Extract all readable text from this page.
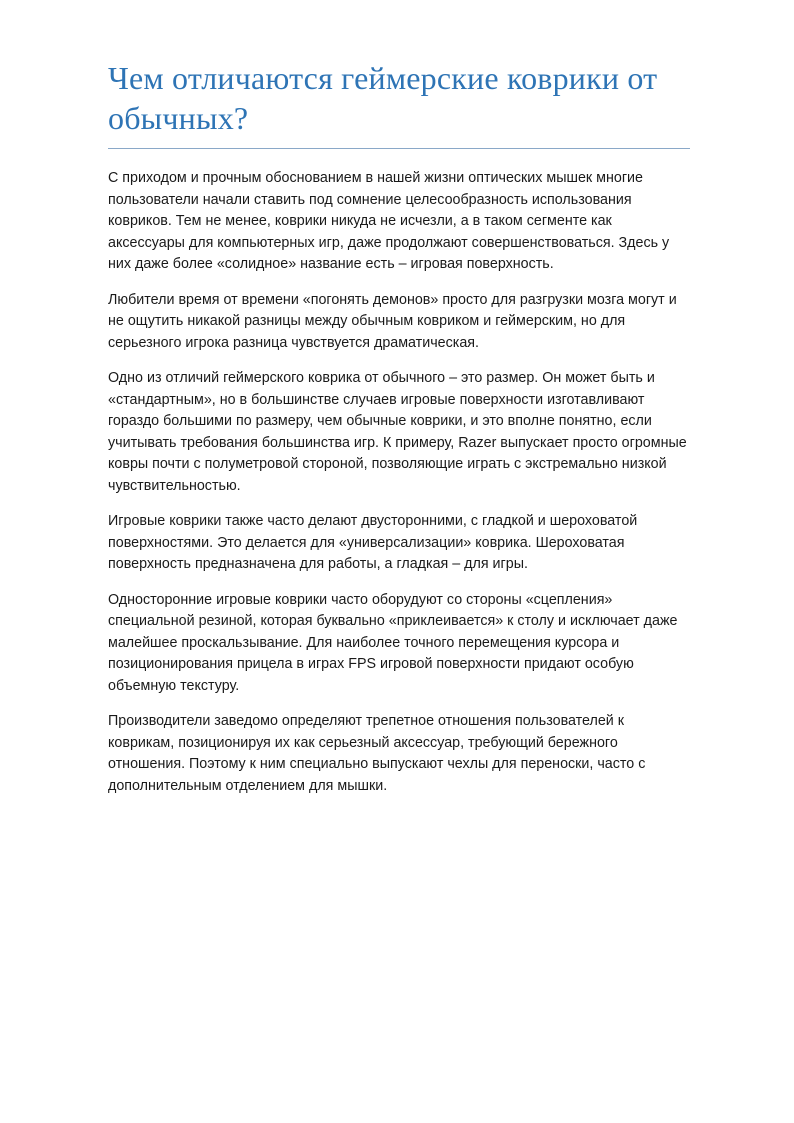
Чем отличаются геймерские коврики от обычных?

С приходом и прочным обоснованием в нашей жизни оптических мышек многие пользователи начали ставить под сомнение целесообразность использования ковриков. Тем не менее, коврики никуда не исчезли, а в таком сегменте как аксессуары для компьютерных игр, даже продолжают совершенствоваться. Здесь у них даже более «солидное» название есть – игровая поверхность.

Любители время от времени «погонять демонов» просто для разгрузки мозга могут и не ощутить никакой разницы между обычным ковриком и геймерским, но для серьезного игрока разница чувствуется драматическая.

Одно из отличий геймерского коврика от обычного – это размер. Он может быть и «стандартным», но в большинстве случаев игровые поверхности изготавливают гораздо большими по размеру, чем обычные коврики, и это вполне понятно, если учитывать требования большинства игр. К примеру, Razer выпускает просто огромные ковры почти с полуметровой стороной, позволяющие играть с экстремально низкой чувствительностью.

Игровые коврики также часто делают двусторонними, с гладкой и шероховатой поверхностями. Это делается для «универсализации» коврика. Шероховатая поверхность предназначена для работы, а гладкая – для игры.

Односторонние игровые коврики часто оборудуют со стороны «сцепления» специальной резиной, которая буквально «приклеивается» к столу и исключает даже малейшее проскальзывание. Для наиболее точного перемещения курсора и позиционирования прицела в играх FPS игровой поверхности придают особую объемную текстуру.

Производители заведомо определяют трепетное отношения пользователей к коврикам, позиционируя их как серьезный аксессуар, требующий бережного отношения. Поэтому к ним специально выпускают чехлы для переноски, часто с дополнительным отделением для мышки.
